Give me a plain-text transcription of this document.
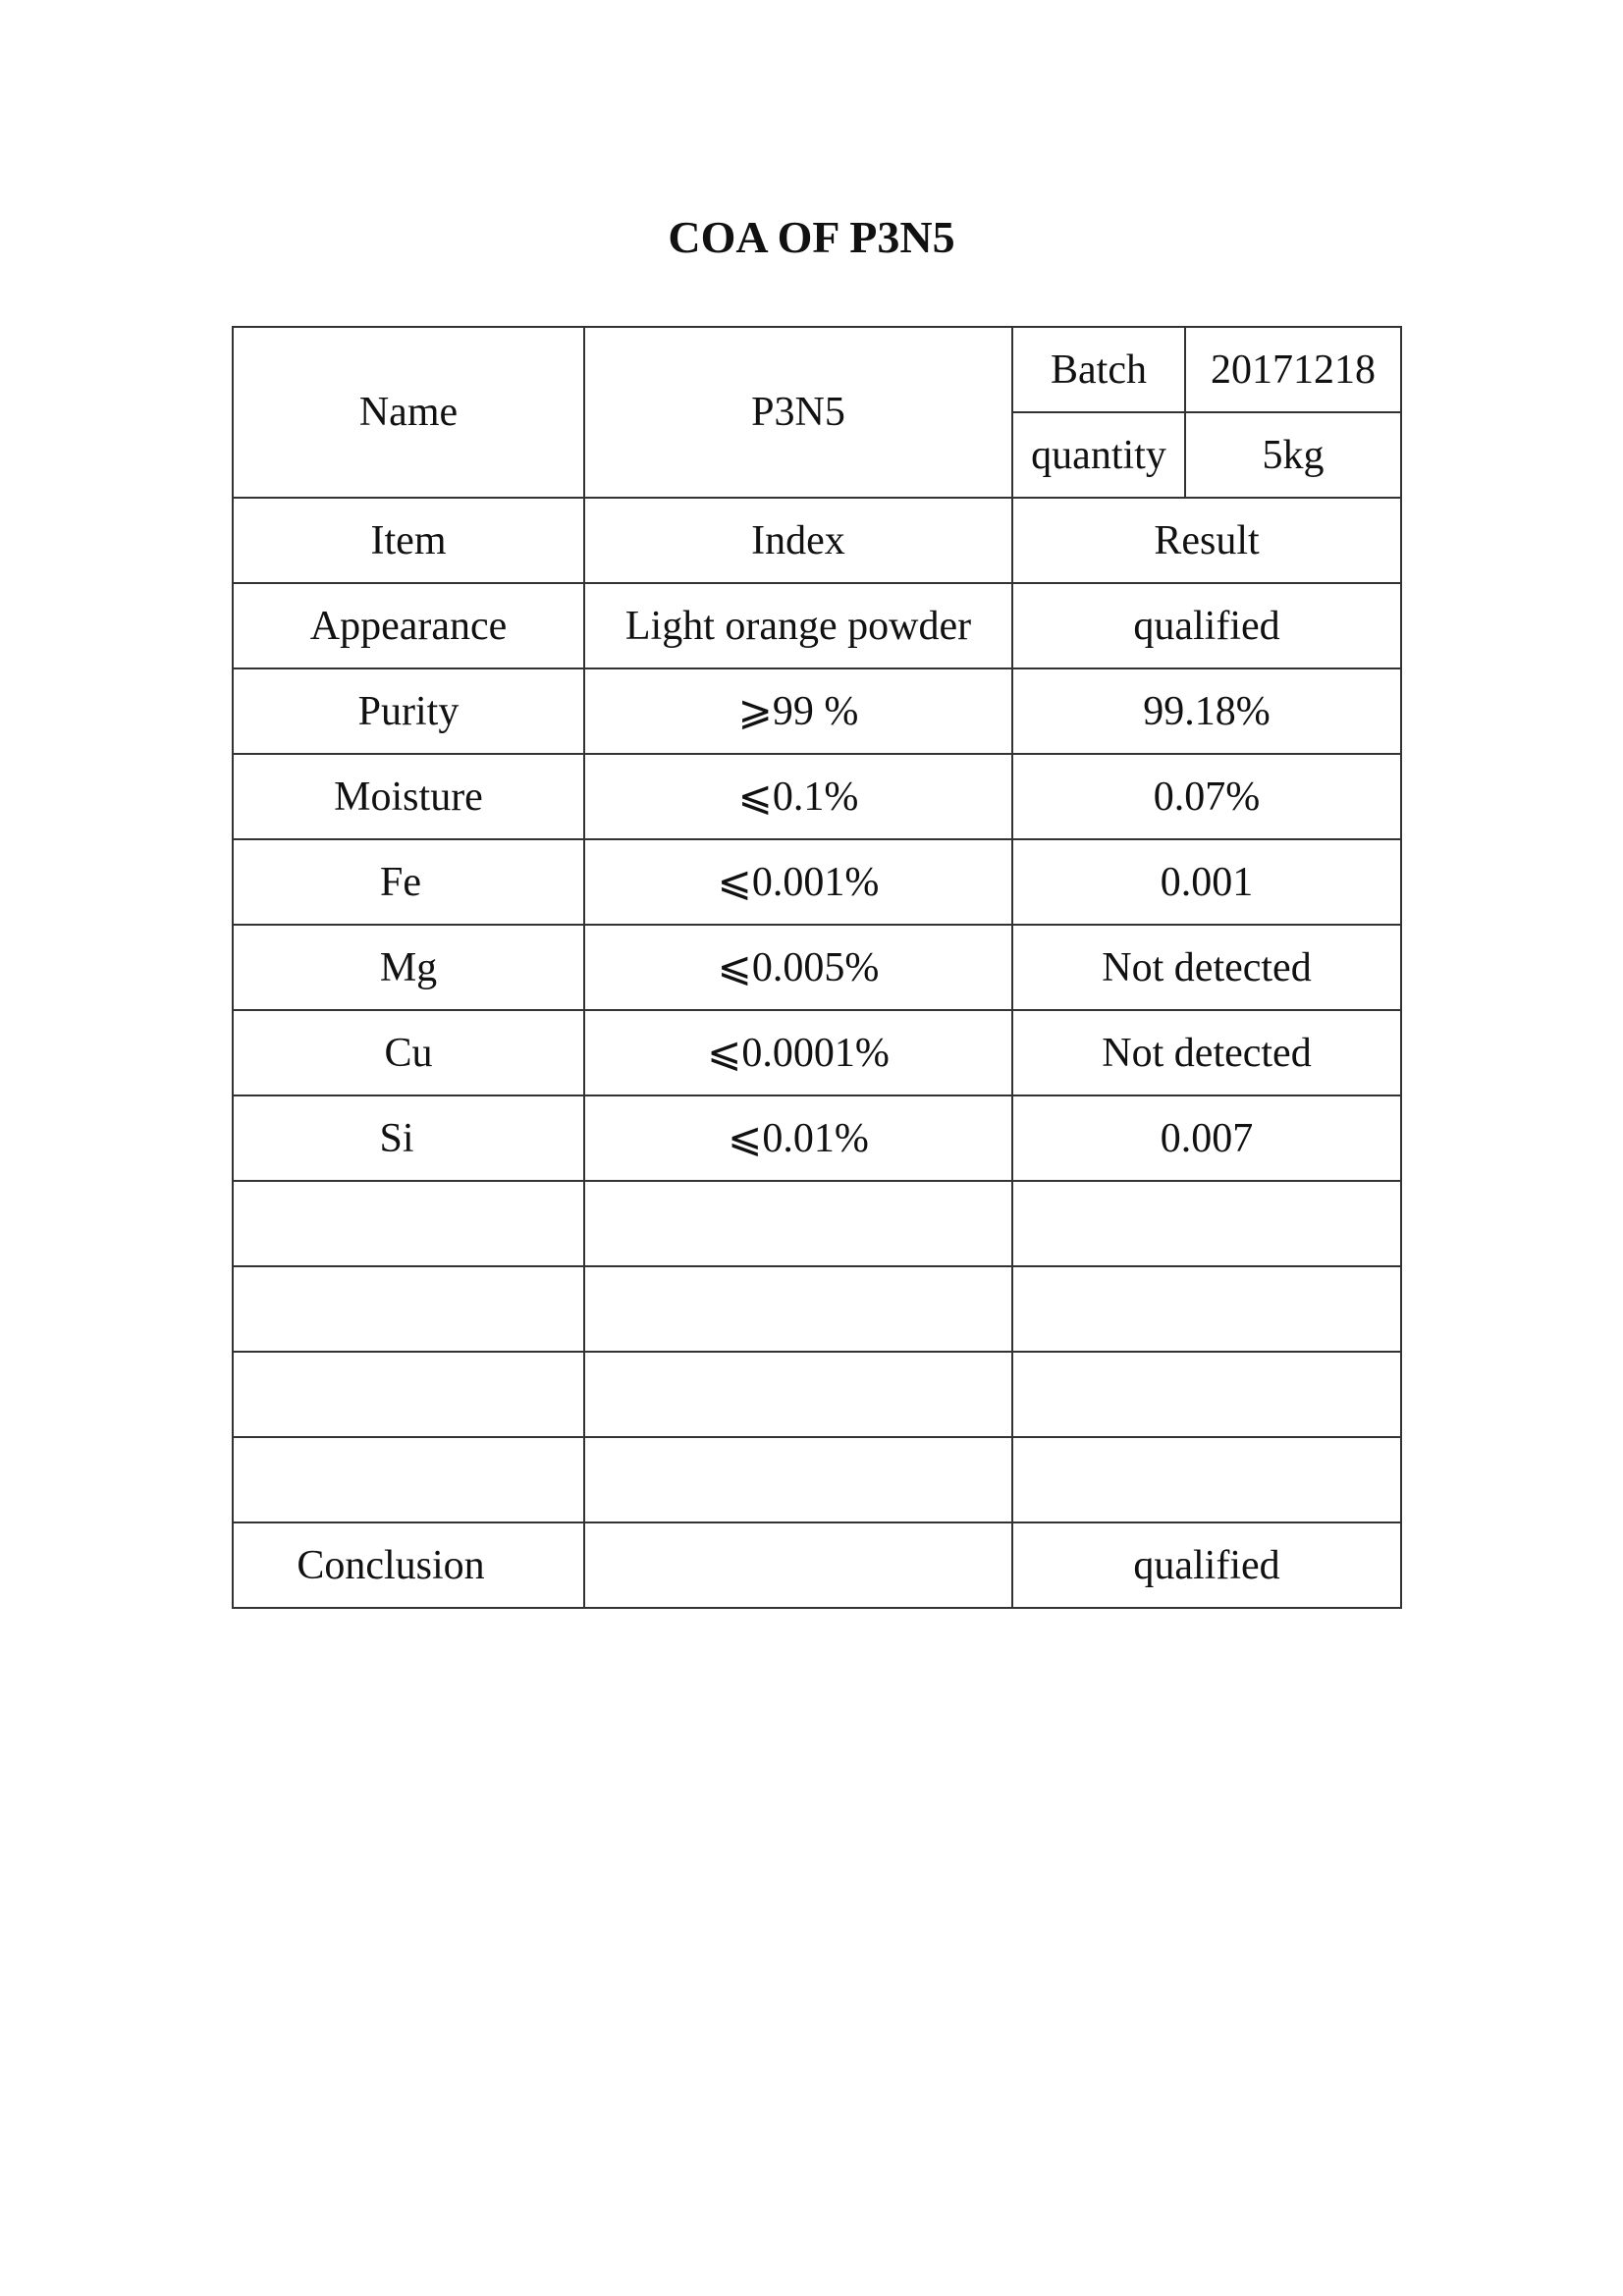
COA OF P3N5
Name	P3N5	Batch	20171218
		quantity	5kg
Item	Index	Result	
Appearance	Light orange powder	qualified	
Purity	⩾99 %	99.18%	
Moisture	⩽0.1%	0.07%	
Fe	⩽0.001%	0.001	
Mg	⩽0.005%	Not detected	
Cu	⩽0.0001%	Not detected	
Si	⩽0.01%	0.007	

Conclusion		qualified	
